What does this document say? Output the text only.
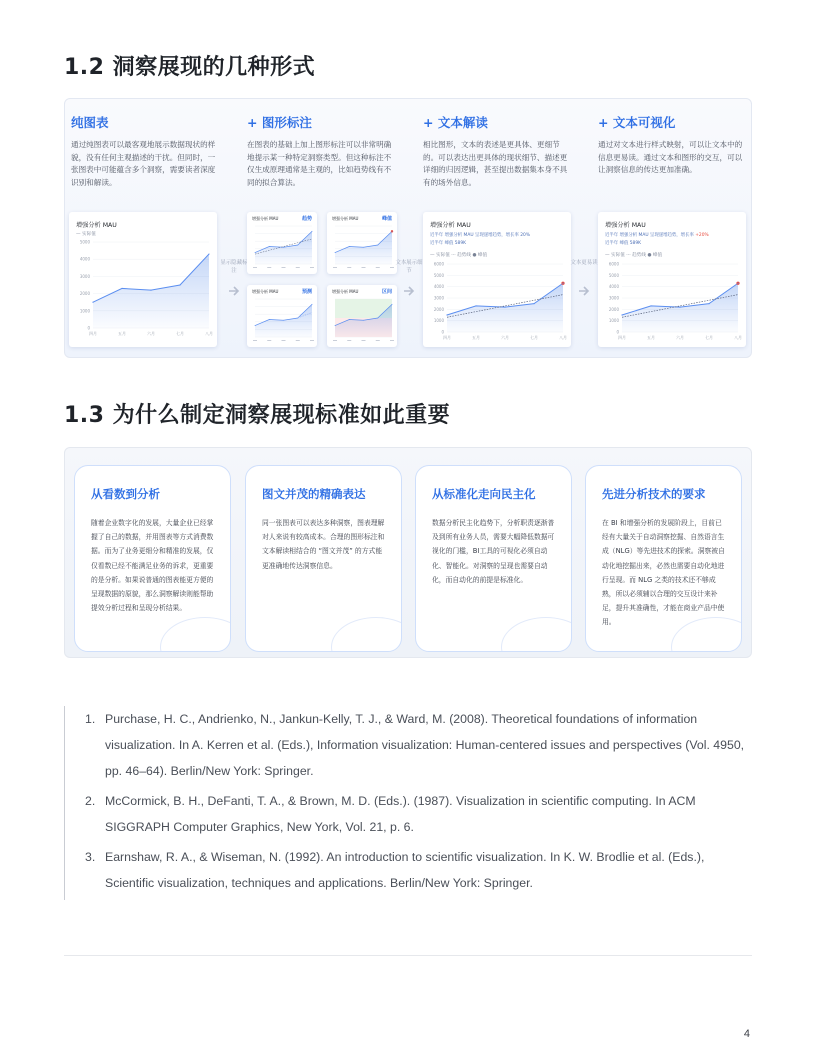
1.2 洞察展现的几种形式
纯图表
通过纯图表可以最客观地展示数据现状的样貌，没有任何主观描述的干扰。但同时，一张图表中可能蕴含多个洞察，需要读者深度识别和解读。
增强分析 MAU
— 实际值
0
1000
2000
3000
4000
5000
四月	五月	六月	七月	八月
显示隐藏标注
+ 图形标注
在图表的基础上加上图形标注可以非常明确地提示某一种特定洞察类型。但这种标注不仅生成原理通常是主观的，比如趋势线有不同的拟合算法。
增强分析 MAU	趋势	增强分析 MAU	峰值
增强分析 MAU	预测	增强分析 MAU	区间
文本展示细节
+ 文本解读
相比图形，文本的表述是更具体、更细节的。可以表达出更具体的现状细节、描述更详细的归因逻辑，甚至提出数据集本身不具有的场外信息。
增强分析 MAU
近半年 增强分析 MAU 呈现递增趋势，增长率 20%
近半年 峰值 589K
— 实际值 ··· 趋势线 ● 峰值
0
1000
2000
3000
4000
5000
6000
四月	五月	六月	七月	八月
文本更易读
+ 文本可视化
通过对文本进行样式映射，可以让文本中的信息更易读。通过文本和图形的交互，可以让洞察信息的传达更加准确。
增强分析 MAU
近半年 增强分析 MAU 呈现递增趋势，增长率 +20%
近半年 峰值 589K
— 实际值 ··· 趋势线 ● 峰值
0
1000
2000
3000
4000
5000
6000
四月	五月	六月	七月	八月
1.3 为什么制定洞察展现标准如此重要
从看数到分析
随着企业数字化的发展，大量企业已经掌握了自己的数据，并用图表等方式消费数据。而为了业务更细分和精准的发展，仅仅看数已经不能满足业务的诉求，更重要的是分析。如果说普通的图表能更方便的呈现数据的原貌，那么洞察解读则能帮助提效分析过程和呈现分析结果。
图文并茂的精确表达
同一张图表可以表达多种洞察，图表理解对人来说有较高成本。合理的图形标注和文本解读相结合的 “图文并茂” 的方式能更准确地传达洞察信息。
从标准化走向民主化
数据分析民主化趋势下，分析职责逐渐普及到所有业务人员，需要大幅降低数据可视化的门槛，BI工具的可视化必须自动化、智能化。对洞察的呈现也需要自动化，而自动化的前提是标准化。
先进分析技术的要求
在 BI 和增强分析的发展阶段上，目前已经有大量关于自动洞察挖掘、自然语言生成（NLG）等先进技术的探索。洞察被自动化地挖掘出来，必然也需要自动化地进行呈现。而 NLG 之类的技术还不够成熟，所以必须辅以合理的交互设计来补足，提升其准确性，才能在商业产品中使用。
1. Purchase, H. C., Andrienko, N., Jankun-Kelly, T. J., & Ward, M. (2008). Theoretical foundations of information visualization. In A. Kerren et al. (Eds.), Information visualization: Human-centered issues and perspectives (Vol. 4950, pp. 46–64). Berlin/New York: Springer.
2. McCormick, B. H., DeFanti, T. A., & Brown, M. D. (Eds.). (1987). Visualization in scientific computing. In ACM SIGGRAPH Computer Graphics, New York, Vol. 21, p. 6.
3. Earnshaw, R. A., & Wiseman, N. (1992). An introduction to scientific visualization. In K. W. Brodlie et al. (Eds.), Scientific visualization, techniques and applications. Berlin/New York: Springer.
4
